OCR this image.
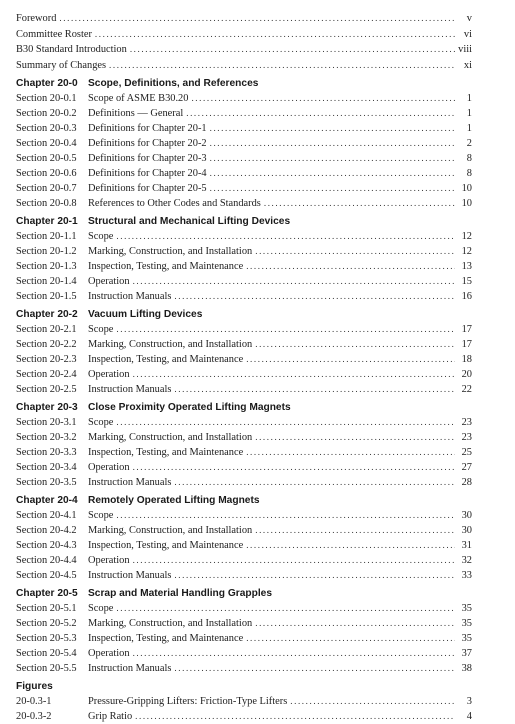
Foreword .....	v
Committee Roster .....	vi
B30 Standard Introduction .....	viii
Summary of Changes .....	xi
Chapter 20-0	Scope, Definitions, and References
Section 20-0.1	Scope of ASME B30.20 .....	1
Section 20-0.2	Definitions — General .....	1
Section 20-0.3	Definitions for Chapter 20-1 .....	1
Section 20-0.4	Definitions for Chapter 20-2 .....	2
Section 20-0.5	Definitions for Chapter 20-3 .....	8
Section 20-0.6	Definitions for Chapter 20-4 .....	8
Section 20-0.7	Definitions for Chapter 20-5 .....	10
Section 20-0.8	References to Other Codes and Standards .....	10
Chapter 20-1	Structural and Mechanical Lifting Devices
Section 20-1.1	Scope .....	12
Section 20-1.2	Marking, Construction, and Installation .....	12
Section 20-1.3	Inspection, Testing, and Maintenance .....	13
Section 20-1.4	Operation .....	15
Section 20-1.5	Instruction Manuals .....	16
Chapter 20-2	Vacuum Lifting Devices
Section 20-2.1	Scope .....	17
Section 20-2.2	Marking, Construction, and Installation .....	17
Section 20-2.3	Inspection, Testing, and Maintenance .....	18
Section 20-2.4	Operation .....	20
Section 20-2.5	Instruction Manuals .....	22
Chapter 20-3	Close Proximity Operated Lifting Magnets
Section 20-3.1	Scope .....	23
Section 20-3.2	Marking, Construction, and Installation .....	23
Section 20-3.3	Inspection, Testing, and Maintenance .....	25
Section 20-3.4	Operation .....	27
Section 20-3.5	Instruction Manuals .....	28
Chapter 20-4	Remotely Operated Lifting Magnets
Section 20-4.1	Scope .....	30
Section 20-4.2	Marking, Construction, and Installation .....	30
Section 20-4.3	Inspection, Testing, and Maintenance .....	31
Section 20-4.4	Operation .....	32
Section 20-4.5	Instruction Manuals .....	33
Chapter 20-5	Scrap and Material Handling Grapples
Section 20-5.1	Scope .....	35
Section 20-5.2	Marking, Construction, and Installation .....	35
Section 20-5.3	Inspection, Testing, and Maintenance .....	35
Section 20-5.4	Operation .....	37
Section 20-5.5	Instruction Manuals .....	38
Figures
20-0.3-1	Pressure-Gripping Lifters: Friction-Type Lifters .....	3
20-0.3-2	Grip Ratio .....	4
